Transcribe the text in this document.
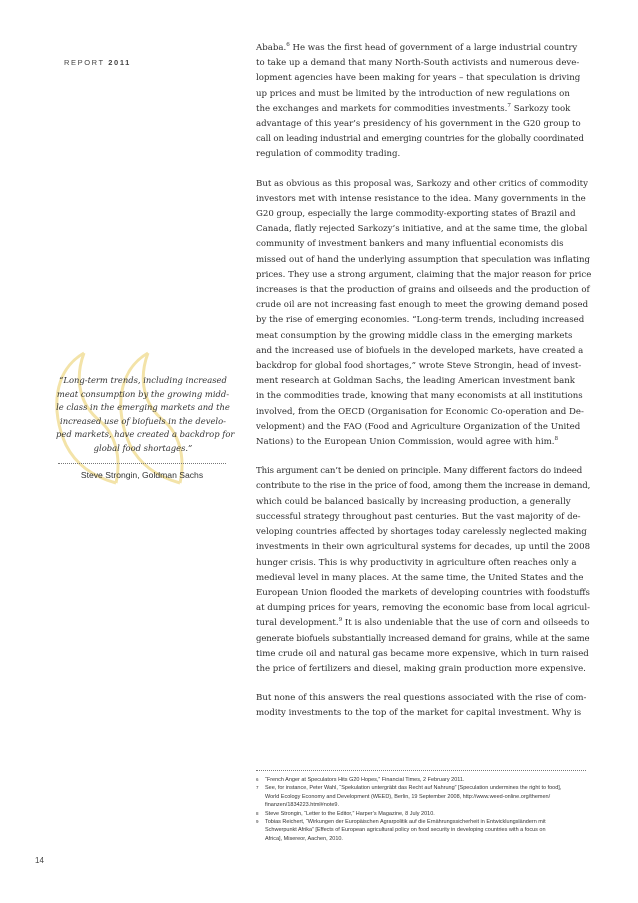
REPORT 2011

“Long-term trends, including increased
meat consumption by the growing midd-
le class in the emerging markets and the
increased use of biofuels in the develo-
ped markets, have created a backdrop for
global food shortages.”

Steve Strongin, Goldman Sachs

Ababa.$^6$ He was the first head of government of a large industrial country
to take up a demand that many North-South activists and numerous deve-
lopment agencies have been making for years – that speculation is driving
up prices and must be limited by the introduction of new regulations on
the exchanges and markets for commodities investments.$^7$ Sarkozy took
advantage of this year’s presidency of his government in the G20 group to
call on leading industrial and emerging countries for the globally coordinated
regulation of commodity trading.

But as obvious as this proposal was, Sarkozy and other critics of commodity
investors met with intense resistance to the idea. Many governments in the
G20 group, especially the large commodity-exporting states of Brazil and
Canada, flatly rejected Sarkozy’s initiative, and at the same time, the global
community of investment bankers and many influential economists dis
missed out of hand the underlying assumption that speculation was inflating
prices. They use a strong argument, claiming that the major reason for price
increases is that the production of grains and oilseeds and the production of
crude oil are not increasing fast enough to meet the growing demand posed
by the rise of emerging economies. “Long-term trends, including increased
meat consumption by the growing middle class in the emerging markets
and the increased use of biofuels in the developed markets, have created a
backdrop for global food shortages,” wrote Steve Strongin, head of invest-
ment research at Goldman Sachs, the leading American investment bank
in the commodities trade, knowing that many economists at all institutions
involved, from the OECD (Organisation for Economic Co-operation and De-
velopment) and the FAO (Food and Agriculture Organization of the United
Nations) to the European Union Commission, would agree with him.$^8$

This argument can’t be denied on principle. Many different factors do indeed
contribute to the rise in the price of food, among them the increase in demand,
which could be balanced basically by increasing production, a generally
successful strategy throughout past centuries. But the vast majority of de-
veloping countries affected by shortages today carelessly neglected making
investments in their own agricultural systems for decades, up until the 2008
hunger crisis. This is why productivity in agriculture often reaches only a
medieval level in many places. At the same time, the United States and the
European Union flooded the markets of developing countries with foodstuffs
at dumping prices for years, removing the economic base from local agricul-
tural development.$^9$ It is also undeniable that the use of corn and oilseeds to
generate biofuels substantially increased demand for grains, while at the same
time crude oil and natural gas became more expensive, which in turn raised
the price of fertilizers and diesel, making grain production more expensive.

But none of this answers the real questions associated with the rise of com-
modity investments to the top of the market for capital investment. Why is

6 “French Anger at Speculators Hits G20 Hopes,” Financial Times, 2 February 2011.

7 See, for instance, Peter Wahl, “Spekulation untergräbt das Recht auf Nahrung” [Speculation undermines the right to food],
World Ecology Economy and Development (WEED), Berlin, 19 September 2008, http://www.weed-online.org/themen/
finanzen/1834223.html#note9.

8 Steve Strongin, “Letter to the Editor,” Harper’s Magazine, 8 July 2010.

9 Tobias Reichert, “Wirkungen der Europäischen Agrarpolitik auf die Ernährungssicherheit in Entwicklungsländern mit
Schwerpunkt Afrika” [Effects of European agricultural policy on food security in developing countries with a focus on
Africa], Misereor, Aachen, 2010.

14
